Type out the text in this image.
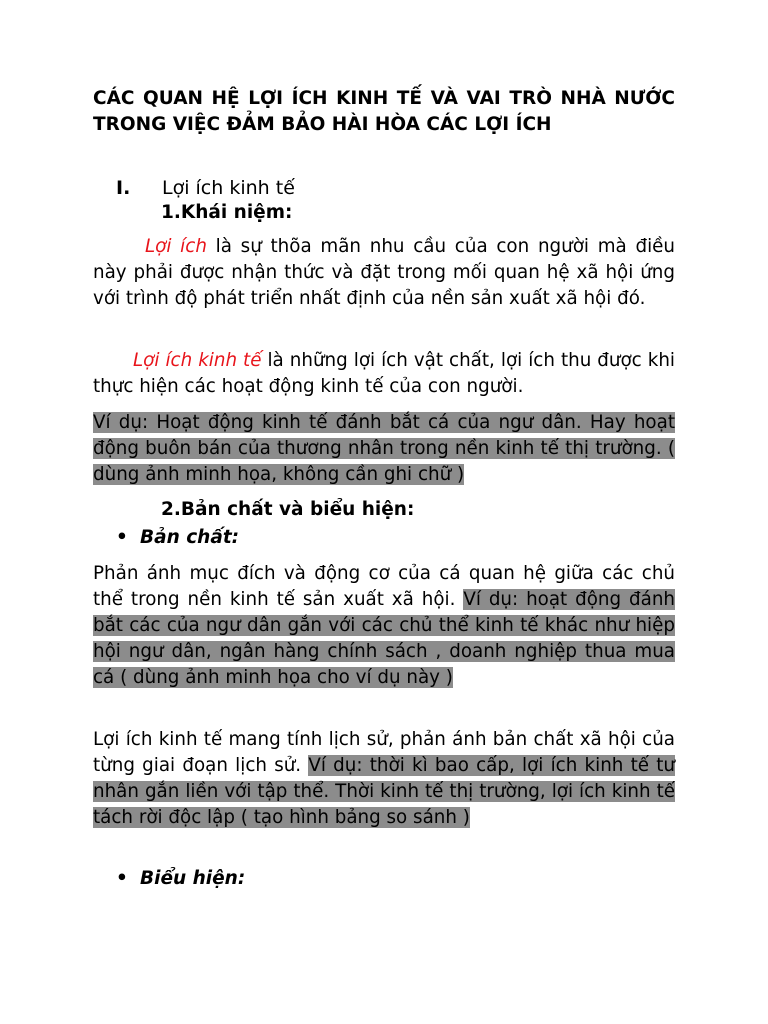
CÁC QUAN HỆ LỢI ÍCH KINH TẾ VÀ VAI TRÒ NHÀ NƯỚC TRONG VIỆC ĐẢM BẢO HÀI HÒA CÁC LỢI ÍCH
I. Lợi ích kinh tế
1.Khái niệm:

Lợi ích là sự thõa mãn nhu cầu của con người mà điều này phải được nhận thức và đặt trong mối quan hệ xã hội ứng với trình độ phát triển nhất định của nền sản xuất xã hội đó.

Lợi ích kinh tế là những lợi ích vật chất, lợi ích thu được khi thực hiện các hoạt động kinh tế của con người.

Ví dụ: Hoạt động kinh tế đánh bắt cá của ngư dân. Hay hoạt động buôn bán của thương nhân trong nền kinh tế thị trường. ( dùng ảnh minh họa, không cần ghi chữ )

2.Bản chất và biểu hiện:
• Bản chất:

Phản ánh mục đích và động cơ của cá quan hệ giữa các chủ thể trong nền kinh tế sản xuất xã hội. Ví dụ: hoạt động đánh bắt các của ngư dân gắn với các chủ thể kinh tế khác như hiệp hội ngư dân, ngân hàng chính sách , doanh nghiệp thua mua cá ( dùng ảnh minh họa cho ví dụ này )

Lợi ích kinh tế mang tính lịch sử, phản ánh bản chất xã hội của từng giai đoạn lịch sử. Ví dụ: thời kì bao cấp, lợi ích kinh tế tư nhân gắn liền với tập thể. Thời kinh tế thị trường, lợi ích kinh tế tách rời độc lập ( tạo hình bảng so sánh )

• Biểu hiện:
